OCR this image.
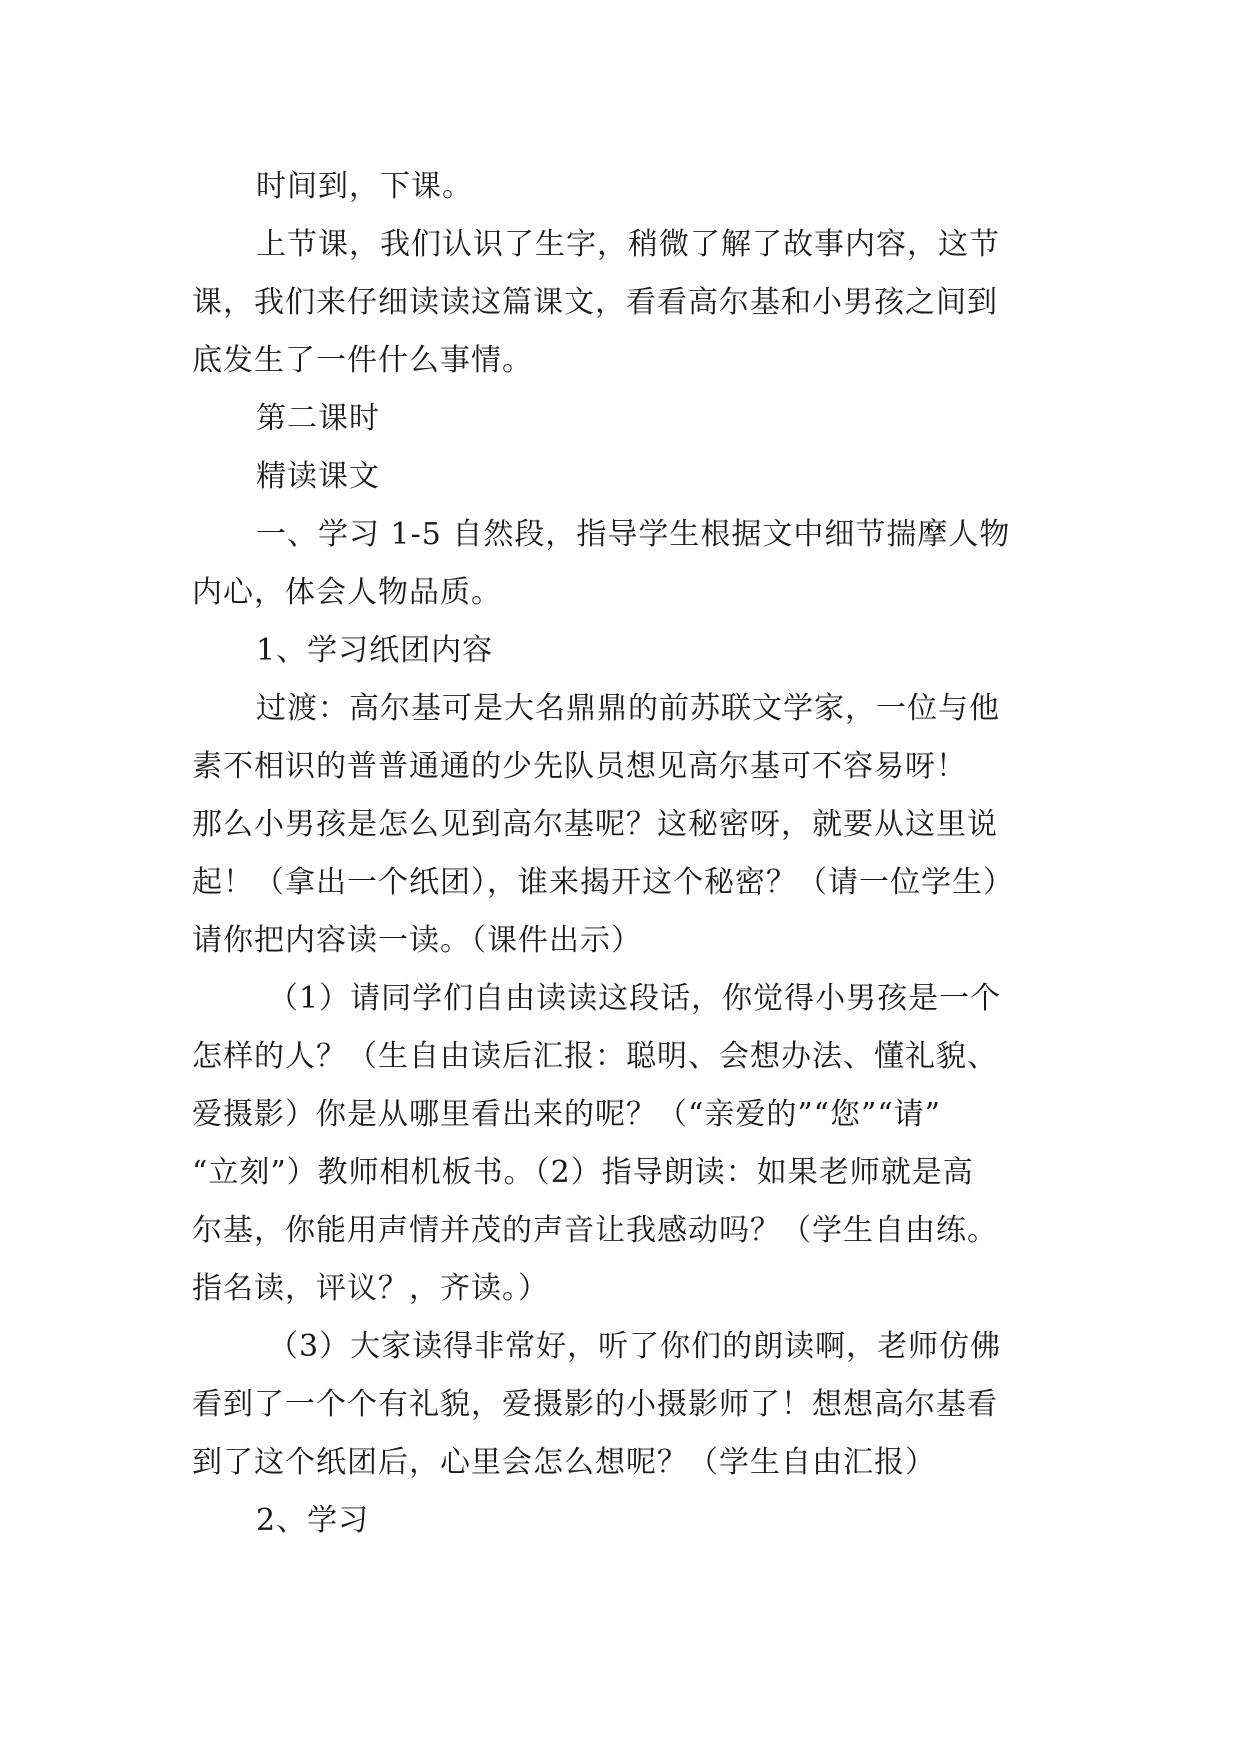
时间到，下课。
上节课，我们认识了生字，稍微了解了故事内容，这节
课，我们来仔细读读这篇课文，看看高尔基和小男孩之间到
底发生了一件什么事情。
第二课时
精读课文
一、学习 1-5 自然段，指导学生根据文中细节揣摩人物
内心，体会人物品质。
1、学习纸团内容
过渡：高尔基可是大名鼎鼎的前苏联文学家，一位与他
素不相识的普普通通的少先队员想见高尔基可不容易呀！
那么小男孩是怎么见到高尔基呢？这秘密呀，就要从这里说
起！（拿出一个纸团），谁来揭开这个秘密？（请一位学生）
请你把内容读一读。（课件出示）
（1）请同学们自由读读这段话，你觉得小男孩是一个
怎样的人？（生自由读后汇报：聪明、会想办法、懂礼貌、
爱摄影）你是从哪里看出来的呢？（“亲爱的”“您”“请”
“立刻”）教师相机板书。（2）指导朗读：如果老师就是高
尔基，你能用声情并茂的声音让我感动吗？（学生自由练。
指名读，评议？，齐读。）
（3）大家读得非常好，听了你们的朗读啊，老师仿佛
看到了一个个有礼貌，爱摄影的小摄影师了！想想高尔基看
到了这个纸团后，心里会怎么想呢？（学生自由汇报）
2、学习
